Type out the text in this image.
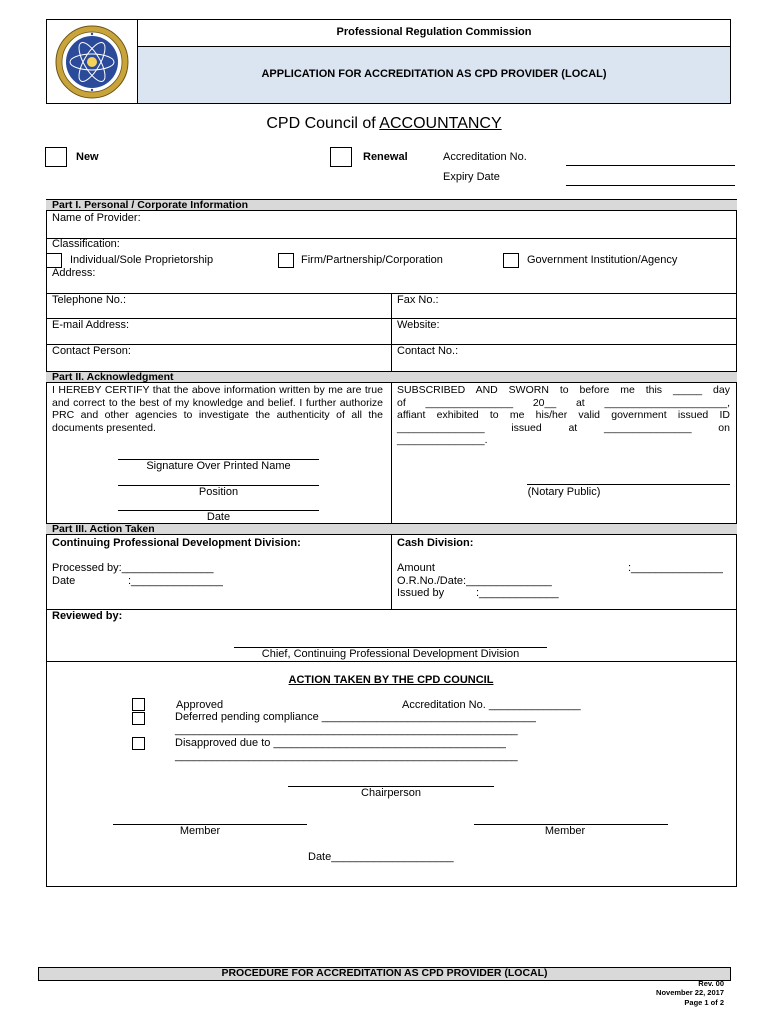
Professional Regulation Commission
APPLICATION FOR ACCREDITATION AS CPD PROVIDER (LOCAL)
CPD Council of ACCOUNTANCY
New	Renewal	Accreditation No.
Expiry Date
Part I. Personal / Corporate Information
Name of Provider:
Classification:
Individual/Sole Proprietorship	Firm/Partnership/Corporation	Government Institution/Agency
Address:
Telephone No.:	Fax No.:
E-mail Address:	Website:
Contact Person:	Contact No.:
Part II. Acknowledgment
I HEREBY CERTIFY that the above information written by me are true and correct to the best of my knowledge and belief. I further authorize PRC and other agencies to investigate the authenticity of all the documents presented.
SUBSCRIBED AND SWORN to before me this _____ day
of _______________ 20__ at _____________________,
affiant exhibited to me his/her valid government issued ID
_______________ issued at _______________ on
_______________.
Signature Over Printed Name
Position
Date
(Notary Public)
Part III. Action Taken
Continuing Professional Development Division:
Processed by:_______________
Date	:_______________
Cash Division:
Amount	:_______________
O.R.No./Date:______________
Issued by	:_____________
Reviewed by:
Chief, Continuing Professional Development Division
ACTION TAKEN BY THE CPD COUNCIL
Approved	Accreditation No. _______________
Deferred pending compliance ___________________________________
________________________________________________________
Disapproved due to ______________________________________
________________________________________________________
Chairperson
Member	Member
Date____________________
PROCEDURE FOR ACCREDITATION AS CPD PROVIDER (LOCAL)
Rev. 00
November 22, 2017
Page 1 of 2
